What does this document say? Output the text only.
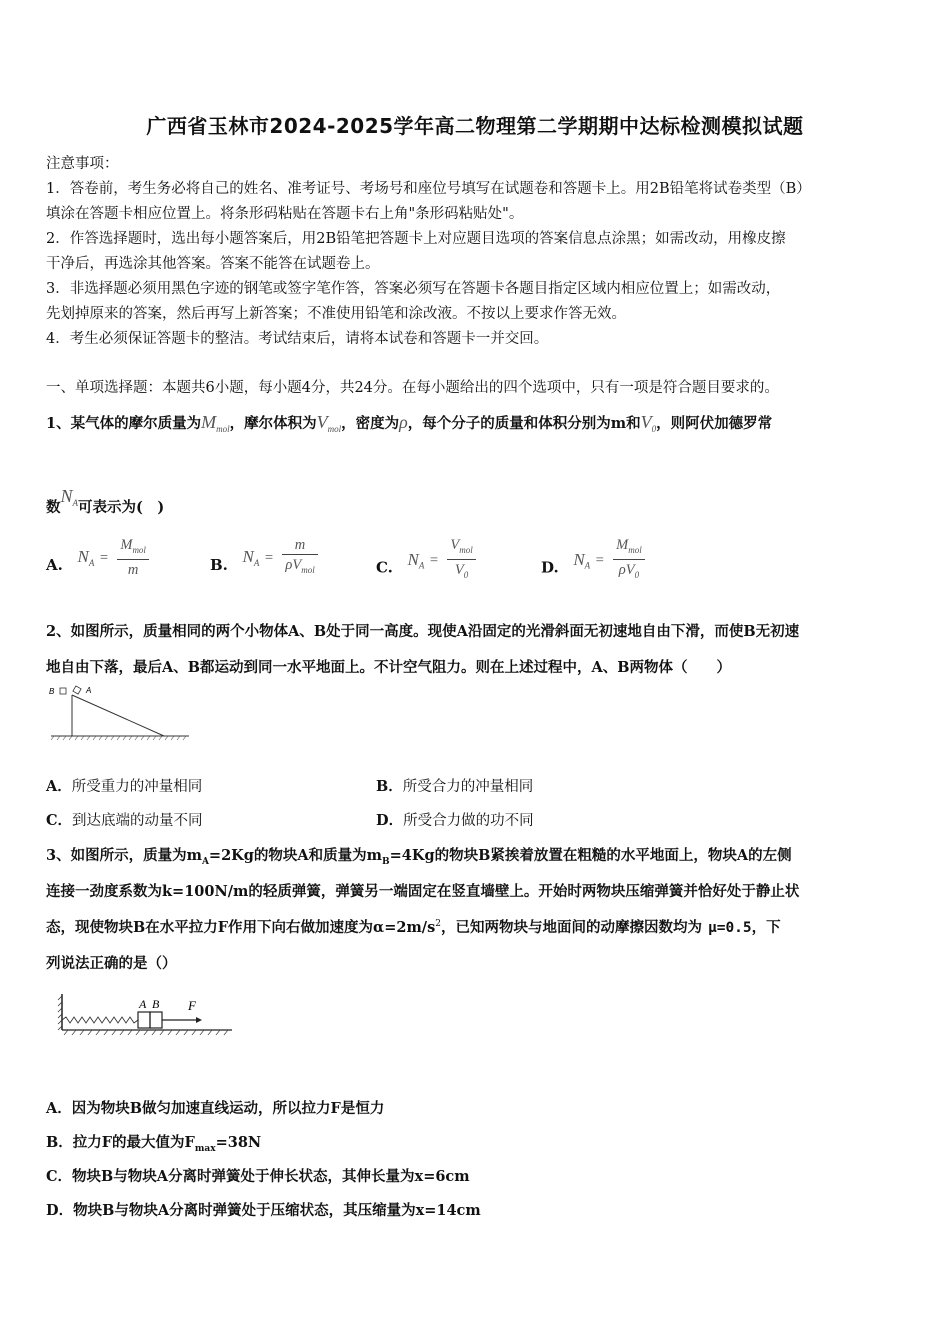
广西省玉林市2024-2025学年高二物理第二学期期中达标检测模拟试题
注意事项：
1．答卷前，考生务必将自己的姓名、准考证号、考场号和座位号填写在试题卷和答题卡上。用2B铅笔将试卷类型（B）
填涂在答题卡相应位置上。将条形码粘贴在答题卡右上角"条形码粘贴处"。
2．作答选择题时，选出每小题答案后，用2B铅笔把答题卡上对应题目选项的答案信息点涂黑；如需改动，用橡皮擦
干净后，再选涂其他答案。答案不能答在试题卷上。
3．非选择题必须用黑色字迹的钢笔或签字笔作答，答案必须写在答题卡各题目指定区域内相应位置上；如需改动，
先划掉原来的答案，然后再写上新答案；不准使用铅笔和涂改液。不按以上要求作答无效。
4．考生必须保证答题卡的整洁。考试结束后，请将本试卷和答题卡一并交回。
一、单项选择题：本题共6小题，每小题4分，共24分。在每小题给出的四个选项中，只有一项是符合题目要求的。
1、某气体的摩尔质量为$M_{mol}$，摩尔体积为$V_{mol}$，密度为ρ，每个分子的质量和体积分别为m和$V_0$，则阿伏加德罗常
数$N^A$可表示为(　)
A. $N_A = \frac{M_{mol}}{m}$	B. $N_A = \frac{m}{\rho V_{mol}}$	C. $N_A = \frac{V_{mol}}{V_0}$	D. $N_A = \frac{M_{mol}}{\rho V_0}$
2、如图所示，质量相同的两个小物体A、B处于同一高度。现使A沿固定的光滑斜面无初速地自由下滑，而使B无初速
地自由下落，最后A、B都运动到同一水平地面上。不计空气阻力。则在上述过程中，A、B两物体（　　）
B	A
A．所受重力的冲量相同	B．所受合力的冲量相同
C．到达底端的动量不同	D．所受合力做的功不同
3、如图所示，质量为$m_A=2Kg$的物块A和质量为$m_B=4Kg$的物块B紧挨着放置在粗糙的水平地面上，物块A的左侧
连接一劲度系数为k=100N/m的轻质弹簧，弹簧另一端固定在竖直墙壁上。开始时两物块压缩弹簧并恰好处于静止状
态，现使物块B在水平拉力F作用下向右做加速度为$\alpha=2m/s^2$，已知两物块与地面间的动摩擦因数均为 μ=0.5，下
列说法正确的是（）
A B F
A．因为物块B做匀加速直线运动，所以拉力F是恒力
B．拉力F的最大值为$F_{max}=38N$
C．物块B与物块A分离时弹簧处于伸长状态，其伸长量为x=6cm
D．物块B与物块A分离时弹簧处于压缩状态，其压缩量为x=14cm
